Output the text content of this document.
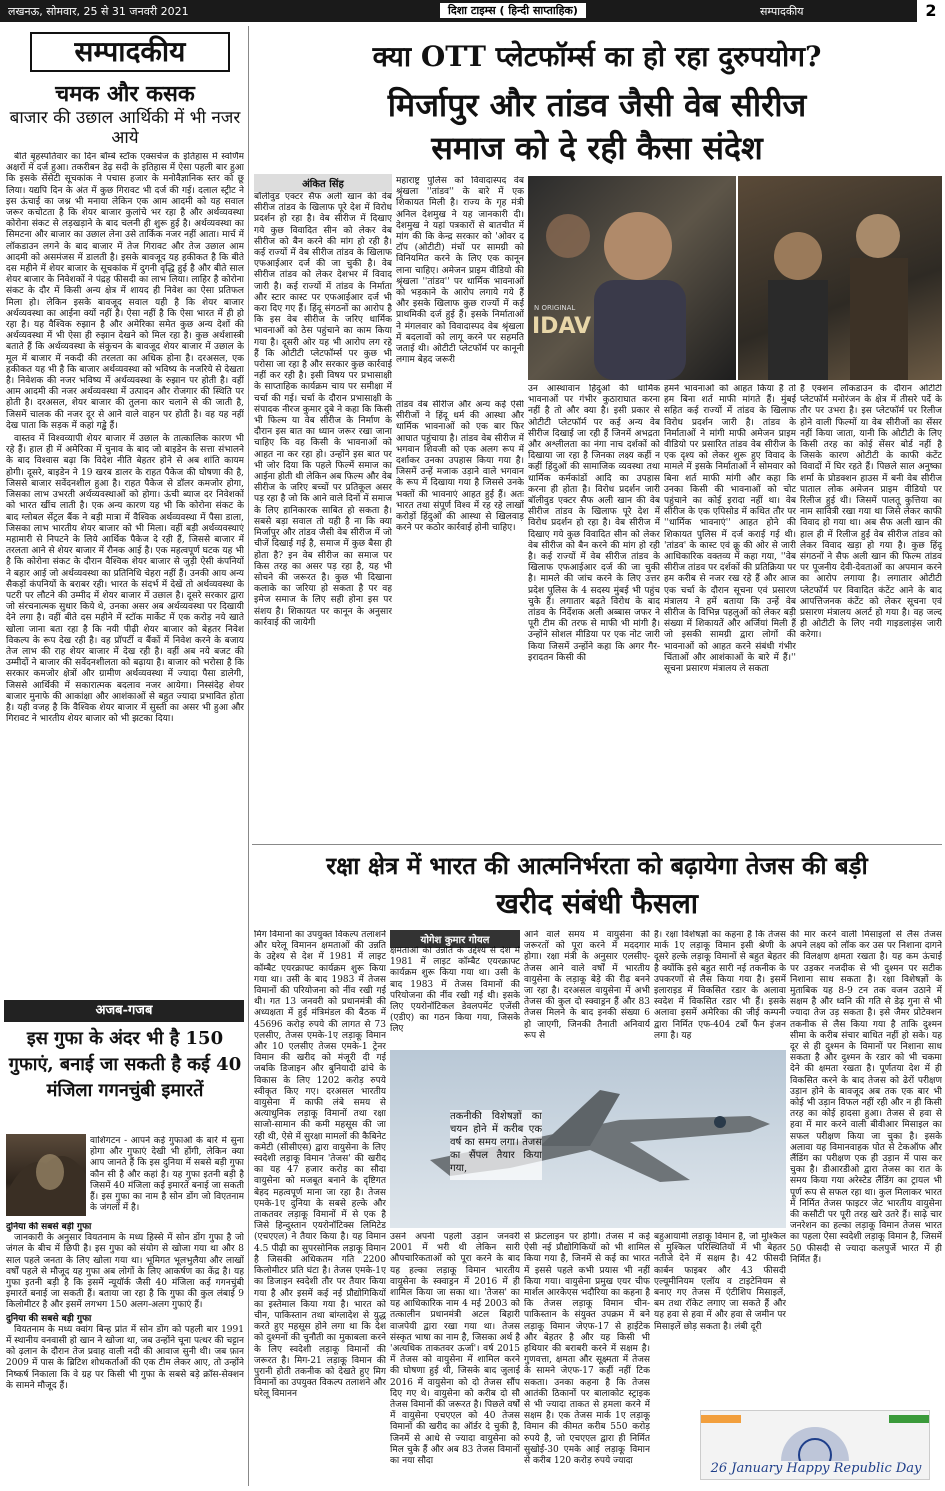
लखनऊ, सोमवार, 25 से 31 जनवरी 2021	दिशा टाइम्स ( हिन्दी साप्ताहिक)	सम्पादकीय	2
सम्पादकीय
चमक और कसक
बाजार की उछाल आर्थिकी में भी नजर आये

बीते बृहस्पतिवार का दिन बॉम्बे स्टॉक एक्सचेंज के इतिहास में स्वर्णिम अक्षरों में दर्ज हुआ। तकरीबन डेढ़ सदी के इतिहास में ऐसा पहली बार हुआ कि इसके सेंसेटी सूचकांक ने पचास हजार के मनोवैज्ञानिक स्तर को छू लिया। यद्यपि दिन के अंत में कुछ गिरावट भी दर्ज की गई। दलाल स्ट्रीट ने इस ऊंचाई का जश्न भी मनाया लेकिन एक आम आदमी को यह सवाल जरूर कचोटता है कि शेयर बाजार कुलांचे भर रहा है और अर्थव्यवस्था कोरोना संकट से लड़खड़ाने के बाद चलनी ही शुरू हुई है। अर्थव्यवस्था का सिमटना और बाजार का उछाल लेना उसे तार्किक नजर नहीं आता। मार्च में लॉकडाउन लगने के बाद बाजार में तेज गिरावट और तेज उछाल आम आदमी को असमंजस में डालती है। इसके बावजूद यह हकीकत है कि बीते दस महीने में शेयर बाजार के सूचकांक में दुगनी वृद्धि हुई है और बीते साल शेयर बाजार के निवेशकों ने पंद्रह फीसदी का लाभ लिया। लाहिर है कोरोना संकट के दौर में किसी अन्य क्षेत्र में शायद ही निवेश का ऐसा प्रतिफल मिला हो। लेकिन इसके बावजूद सवाल यही है कि शेयर बाजार अर्थव्यवस्था का आईना क्यों नहीं है। ऐसा नहीं है कि ऐसा भारत में ही हो रहा है। यह वैश्विक रुझान है और अमेरिका समेत कुछ अन्य देशों की अर्थव्यवस्था में भी ऐसा ही रुझान देखने को मिल रहा है। कुछ अर्थशास्त्री बताते हैं कि अर्थव्यवस्था के संकुचन के बावजूद शेयर बाजार में उछाल के मूल में बाजार में नकदी की तरलता का अधिक होना है। दरअसल, एक हकीकत यह भी है कि बाजार अर्थव्यवस्था को भविष्य के नजरिये से देखता है। निवेशक की नजर भविष्य में अर्थव्यवस्था के रुझान पर होती है। वहीं आम आदमी की नजर अर्थव्यवस्था में उत्पादन और रोजगार की स्थिति पर होती है। दरअसल, शेयर बाजार की तुलना कार चलाने से की जाती है, जिसमें चालक की नजर दूर से आने वाले वाहन पर होती है। वह यह नहीं देख पाता कि सड़क में कहां गड्ढे हैं।

वास्तव में विश्वव्यापी शेयर बाजार में उछाल के तात्कालिक कारण भी रहे हैं। हाल ही में अमेरिका में चुनाव के बाद जो बाइडेन के सत्ता संभालने के बाद विश्वास बढ़ा कि विदेश नीति बेहतर होने से अब शांति कायम होगी। दूसरे, बाइडेन ने 19 खरब डालर के राहत पैकेज की घोषणा की है, जिससे बाजार सवेंदनशील हुआ है। राहत पैकेज से डॉलर कमजोर होगा, जिसका लाभ उभरती अर्थव्यवस्थाओं को होगा। ऊंची ब्याज दर निवेशकों को भारत खींच लाती है। एक अन्य कारण यह भी कि कोरोना संकट के बाद ग्लोबल सेंट्रल बैंक ने बड़ी मात्रा में वैश्विक अर्थव्यवस्था में पैसा डाला, जिसका लाभ भारतीय शेयर बाजार को भी मिला। वहीं बड़ी अर्थव्यवस्थाएं महामारी से निपटने के लिये आर्थिक पैकेज दे रही हैं, जिससे बाजार में तरलता आने से शेयर बाजार में रौनक आई है। एक महत्वपूर्ण घटक यह भी है कि कोरोना संकट के दौरान वैश्विक शेयर बाजार से जुड़ी ऐसी कंपनियों ने बहार आई जो अर्थव्यवस्था का प्रतिनिधि चेहरा नहीं हैं। उनकी आय अन्य सैकड़ों कंपनियों के बराबर रही। भारत के संदर्भ में देखें तो अर्थव्यवस्था के पटरी पर लौटने की उम्मीद में शेयर बाजार में उछाल है। दूसरे सरकार द्वारा जो संरचनात्मक सुधार किये थे, उनका असर अब अर्थव्यवस्था पर दिखायी देने लगा है। वहीं बीते दस महीने में स्टॉक मार्केट में एक करोड़ नये खाते खोला जाना बता रहा है कि नयी पीढ़ी शेयर बाजार को बेहतर निवेश विकल्प के रूप देख रही है। वह प्रॉपर्टी व बैंकों में निवेश करने के बजाय तेज लाभ की राह शेयर बाजार में देख रही है। वहीं अब नये बजट की उम्मीदों ने बाजार की सवेंदनशीलता को बढ़ाया है। बाजार को भरोसा है कि सरकार कमजोर क्षेत्रों और ग्रामीण अर्थव्यवस्था में ज्यादा पैसा डालेगी, जिससे आर्थिकी में सकारात्मक बदलाव नजर आयेगा। निस्संदेह शेयर बाजार मुनाफे की आकांक्षा और आशंकाओं से बहुत ज्यादा प्रभावित होता है। यही वजह है कि वैश्विक शेयर बाजार में सुस्ती का असर भी हुआ और गिरावट ने भारतीय शेयर बाजार को भी झटका दिया।

अजब-गजब
इस गुफा के अंदर भी है 150 गुफाएं, बनाई जा सकती है कई 40 मंजिला गगनचुंबी इमारतें
वाशिंगटन - आपने कई गुफाओं के बारे में सुना होगा और गुफाएं देखी भी होंगी, लेकिन क्या आप जानते हैं कि इस दुनिया में सबसे बड़ी गुफा कौन सी है और कहां है। यह गुफा इतनी बड़ी है जिसमें 40 मंजिला कई इमारतें बनाई जा सकती हैं। इस गुफा का नाम है सोन डोंग जो विएतनाम के जंगलों में है।
दुनिया की सबसे बड़ी गुफा

जानकारी के अनुसार वियतनाम के मध्य हिस्से में सोन डोंग गुफा है जो जंगल के बीच में छिपी है। इस गुफा को संयोग से खोजा गया था और 8 साल पहले जनता के लिए खोला गया था। भूमिगत भूलभुलैया और लाखों वर्षों पहले से मौजूद यह गुफा अब लोगों के लिए आकर्षण का केंद्र है। यह गुफा इतनी बड़ी है कि इसमें न्यूयॉर्क जैसी 40 मंजिला कई गगनचुंबी इमारतें बनाई जा सकती हैं। बताया जा रहा है कि गुफा की कुल लंबाई 9 किलोमीटर है और इसमें लगभग 150 अलग-अलग गुफाएं हैं।

दुनिया की सबसे बड़ी गुफा

वियतनाम के मध्य क्वांग बिन्ह प्रांत में सोन डोंग को पहली बार 1991 में स्थानीय वनवासी हो खान ने खोजा था, जब उन्होंने चूना पत्थर की चट्टान को ढ़लान के दौरान तेज प्रवाह वाली नदी की आवाज सुनी थी। जब फ़ान 2009 में पास के ब्रिटिश शोधकर्ताओं की एक टीम लेकर आए, तो उन्होंने निष्कर्ष निकाला कि वे ग्रह पर किसी भी गुफा के सबसे बड़े क्रॉस-सेक्शन के सामने मौजूद हैं।

क्या OTT प्लेटफॉर्म्स का हो रहा दुरुपयोग?
मिर्जापुर और तांडव जैसी वेब सीरीज
समाज को दे रही कैसा संदेश
अंकित सिंह
बॉलीवुड एक्टर सैफ अली खान की वेब सीरीज तांडव के खिलाफ पूरे देश में विरोध प्रदर्शन हो रहा है। वेब सीरीज में दिखाए गये कुछ विवादित सीन को लेकर वेब सीरीज को बैन करने की मांग हो रही है। कई राज्यों में वेब सीरीज तांडव के खिलाफ एफआईआर दर्ज की जा चुकी है। वेब सीरीज तांडव को लेकर देशभर में विवाद जारी है। कई राज्यों में तांडव के निर्माता और स्टार कास्ट पर एफआईआर दर्ज भी करा दिए गए हैं। हिंदू संगठनों का आरोप है कि इस वेब सीरीज के जरिए धार्मिक भावनाओं को ठेस पहुंचाने का काम किया गया है। दूसरी ओर यह भी आरोप लग रहे हैं कि ओटीटी प्लेटफॉर्म्स पर कुछ भी परोसा जा रहा है और सरकार कुछ कार्रवाई नहीं कर रही है। इसी विषय पर प्रभासाक्षी के साप्ताहिक कार्यक्रम चाय पर समीक्षा में चर्चा की गई। चर्चा के दौरान प्रभासाक्षी के संपादक नीरज कुमार दुबे ने कहा कि किसी भी फिल्म या वेब सीरीज के निर्माण के दौरान इस बात का ध्यान जरूर रखा जाना चाहिए कि वह किसी के भावनाओं को आहत ना कर रहा हो। उन्होंने इस बात पर भी जोर दिया कि पहले फिल्में समाज का आईना होती थी लेकिन अब फिल्म और वेब सीरीज के जरिए बच्चों पर प्रतिकूल असर पड़ रहा है जो कि आने वाले दिनों में समाज के लिए हानिकारक साबित हो सकता है। सबसे बड़ा सवाल तो यही है ना कि क्या मिर्जापुर और तांडव जैसी वेब सीरीज में जो चीजें दिखाई गई है, समाज में कुछ बैसा ही होता है? इन वेब सीरीज का समाज पर किस तरह का असर पड़ रहा है, यह भी सोचने की जरूरत है। कुछ भी दिखाना कलाके का जरिया हो सकता है पर वह इमेज समाज के लिए सही होना इस पर संशय है। शिकायत पर कानून के अनुसार कार्रवाई की जायेगी
महाराष्ट्र पुलिस को विवादास्पद वेब श्रृंखला ''तांडव'' के बारे में एक शिकायत मिली है। राज्य के गृह मंत्री अनिल देशमुख ने यह जानकारी दी। देशमुख ने यहां पत्रकारों से बातचीत में मांग की कि केन्द्र सरकार को 'ओवर द टॉप (ओटीटी) मंचों पर सामग्री को विनियमित करने के लिए एक कानून लाना चाहिए। अमेजन प्राइम वीडियो की श्रृंखला ''तांडव'' पर धार्मिक भावनाओं को भड़काने के आरोप लगाये गये हैं और इसके खिलाफ कुछ राज्यों में कई प्राथमिकी दर्ज हुई हैं। इसके निर्माताओं ने मंगलवार को विवादास्पद वेब श्रृंखला में बदलावों को लागू करने पर सहमति जताई थी। ओटीटी प्लेटफॉर्म पर कानूनी लगाम बेहद जरूरी
तांडव वेब सीरीज और अन्य कई ऐसी सीरीजों ने हिंदू धर्म की आस्था और धार्मिक भावनाओं को एक बार फिर आघात पहुंचाया है। तांडव वेब सीरीज में भगवान शिवजी को एक अलग रूप में दर्शाकर उनका उपहास किया गया है। जिसमें उन्हें मजाक उड़ाने वाले भगवान के रूप में दिखाया गया है जिससे उनके भक्तों की भावनाएं आहत हुई हैं। अतः भारत तथा संपूर्ण विश्व में रह रहे लाखों करोड़ों हिंदुओं की आस्था से खिलवाड़ करने पर कठोर कार्रवाई होनी चाहिए।
N ORIGINAL
IDAV
उन आस्थावान हिंदुओं की धार्मिक भावनाओं पर गंभीर कुठाराघात करना नहीं है तो और क्या है। इसी प्रकार से ओटीटी प्लेटफॉर्म पर कई अन्य वेब सीरीज दिखाई जा रही हैं जिनमें अभद्रता और अश्लीलता का नंगा नाच दर्शकों को दिखाया जा रहा है जिनका लक्ष्य कहीं न कहीं हिंदुओं की सामाजिक व्यवस्था तथा धार्मिक कर्मकांडों आदि का उपहास करना ही होता है। विरोध प्रदर्शन जारी बॉलीवुड एक्टर सैफ अली खान की वेब सीरीज तांडव के खिलाफ पूरे देश में विरोध प्रदर्शन हो रहा है। वेब सीरीज में दिखाए गये कुछ विवादित सीन को लेकर वेब सीरीज को बैन करने की मांग हो रही है। कई राज्यों में वेब सीरीज तांडव के खिलाफ एफआईआर दर्ज की जा चुकी है। मामले की जांच करने के लिए उत्तर प्रदेश पुलिस के 4 सदस्य मुंबई भी पहुंच चुके हैं। लगातार बढ़ते विरोध के बाद तांडव के निर्देशक अली अब्बास जफर ने पूरी टीम की तरफ से माफी भी मांगी है। उन्होंने सोशल मीडिया पर एक नोट जारी किया जिसमें उन्होंने कहा कि अगर गैर-इरादतन किसी की
हमने भावनाओं को आहत किया है तो हम बिना शर्त माफी मांगते हैं। मुंबई सहित कई राज्यों में तांडव के खिलाफ विरोध प्रदर्शन जारी है। तांडव के निर्माताओं ने मांगी माफी अमेजन प्राइम वीडियो पर प्रसारित तांडव वेब सीरीज के एक दृश्य को लेकर शुरू हुए विवाद के मामले में इसके निर्माताओं ने सोमवार को बिना शर्त माफी मांगी और कहा कि उनका किसी की भावनाओं को चोट पहुंचाने का कोई इरादा नहीं था। वेब सीरीज के एक एपिसोड में कथित तौर पर ''धार्मिक भावनाएं'' आहत होने की शिकायत पुलिस में दर्ज कराई गई थी। 'तांडव' के कास्ट एवं क्रू की ओर से जारी आधिकारिक वक्तव्य में कहा गया, ''वेब सीरीज तांडव पर दर्शकों की प्रतिक्रिया पर हम करीब से नजर रख रहे हैं और आज एक चर्चा के दौरान सूचना एवं प्रसारण मंत्रालय ने हमें बताया कि उन्हें वेब सीरीज के विभिन्न पहलुओं को लेकर बड़ी संख्या में शिकायतें और अर्जियां मिली हैं जो इसकी सामग्री द्वारा लोगों की भावनाओं को आहत करने संबंधी गंभीर चिंताओं और आशंकाओं के बारे में हैं।'' सूचना प्रसारण मंत्रालय ले सकता
है एक्शन लॉकडाउन के दौरान ओटीटी प्लेटफॉर्म मनोरंजन के क्षेत्र में तीसरे पर्दे के तौर पर उभरा है। इस प्लेटफॉर्म पर रिलीज होने वाली फिल्मों या वेब सीरीजों का सेंसर नहीं किया जाता, यानी कि ओटीटी के लिए किसी तरह का कोई सेंसर बोर्ड नहीं है जिसके कारण ओटीटी के काफी कंटेंट विवादों में घिर रहते हैं। पिछले साल अनुष्का शर्मा के प्रोडक्शन हाउस में बनी वेब सीरीज पाताल लोक अमेजन प्राइम वीडियो पर रिलीज हुई थी। जिसमें पालतू कुत्तिया का नाम सावित्री रखा गया था जिसे लेकर काफी विवाद हो गया था। अब सैफ अली खान की हाल ही में रिलीज हुई वेब सीरीज तांडव को लेकर विवाद खड़ा हो गया है। कुछ हिंदू संगठनों ने सैफ अली खान की फिल्म तांडव पर पूजनीय देवी-देवताओं का अपमान करने का आरोप लगाया है। लगातार ओटीटी प्लेटफॉर्म पर विवादित कंटेंट आने के बाद आपत्तिजनक कंटेंट को लेकर सूचना एवं प्रसारण मंत्रालय अलर्ट हो गया है। वह जल्द ही ओटीटी के लिए नयी गाइडलाइंस जारी करेगा।
रक्षा क्षेत्र में भारत की आत्मनिर्भरता को बढ़ायेगा तेजस की बड़ी
खरीद संबंधी फैसला
मिग विमानों का उपयुक्त विकल्प तलाशने और घरेलू विमानन क्षमताओं की उन्नति के उद्देश्य से देश में 1981 में लाइट कॉम्बैट एयरक्राफ्ट कार्यक्रम शुरू किया गया था। उसी के बाद 1983 में तेजस विमानों की परियोजना को नींव रखी गई थी। गत 13 जनवरी को प्रधानमंत्री की अध्यक्षता में हुई मंत्रिमंडल की बैठक में 45696 करोड़ रुपये की लागत से 73 एलसीए, तेजस एमके-1ए लड़ाकू विमान और 10 एलसीए तेजस एमके-1 ट्रेनर विमान की खरीद को मंजूरी दी गई जबकि डिजाइन और बुनियादी ढांचे के विकास के लिए 1202 करोड़ रुपये स्वीकृत किए गए। दरअसल भारतीय वायुसेना में काफी लंबे समय से अत्याधुनिक लड़ाकू विमानों तथा रक्षा साजो-सामान की कमी महसूस की जा रही थी, ऐसे में सुरक्षा मामलों की कैबिनेट कमेटी (सीसीएस) द्वारा वायुसेना के लिए स्वदेशी लड़ाकू विमान 'तेजस' की खरीद का यह 47 हजार करोड़ का सौदा वायुसेना को मजबूत बनाने के दृष्टिगत बेहद महत्वपूर्ण माना जा रहा है। तेजस एमके-1ए दुनिया के सबसे हल्के और ताकतवर लड़ाकू विमानों में से एक है जिसे हिन्दुस्तान एयरोनॉटिक्स लिमिटेड (एचएएल) ने तैयार किया है। यह विमान 4.5 पीढ़ी का सुपरसोनिक लड़ाकू विमान है जिसकी अधिकतम गति 2200 किलोमीटर प्रति घंटा है। तेजस एमके-1ए का डिजाइन स्वदेशी तौर पर तैयार किया गया है और इसमें कई नई प्रौद्योगिकियों का इस्तेमाल किया गया है। भारत को चीन, पाकिस्तान तथा बांग्लादेश से युद्ध करते हुए महसूस होने लगा था कि देश को दुश्मनों की चुनौती का मुकाबला करने के लिए स्वदेशी लड़ाकू विमानों की जरूरत है। मिग-21 लड़ाकू विमान की पुरानी होती तकनीक को देखते हुए मिग विमानों का उपयुक्त विकल्प तलाशने और घरेलू विमानन
योगेश कुमार गोयल
क्षमताओं की उन्नति के उद्देश्य से देश में 1981 में लाइट कॉम्बैट एयरक्राफ्ट कार्यक्रम शुरू किया गया था। उसी के बाद 1983 में तेजस विमानों की परियोजना की नींव रखी गई थी। इसके लिए एयरोनॉटिकल डेवलपमेंट एजेंसी (एडीए) का गठन किया गया, जिसके लिए
आने वाले समय में वायुसेना की जरूरतों को पूरा करने में मददगार होगा। रक्षा मंत्री के अनुसार एलसीए-तेजस आने वाले वर्षों में भारतीय वायुसेना के लड़ाकू बेड़े की रीढ़ बनने जा रहा है। दरअसल वायुसेना में अभी तेजस की कुल दो स्क्वाड्रन हैं और 83 तेजस मिलने के बाद इनकी संख्या 6 हो जाएगी, जिनकी तैनाती अनिवार्य रूप से
है। रक्षा विशेषज्ञों का कहना है कि तेजस मार्क 1ए लड़ाकू विमान इसी श्रेणी के दूसरे हल्के लड़ाकू विमानों से बहुत बेहतर है क्योंकि इसे बहुत सारी नई तकनीक के उपकरणों से लैस किया गया है। इसमें इलाराइड में विकसित रडार के अलावा स्वदेश में विकसित रडार भी हैं। इसके अलावा इसमें अमेरिका की जीई कम्पनी द्वारा निर्मित एफ-404 टर्बो फैन इंजन लगा है। यह
की मार करने वाली मिसाइलों से लैस तेजस अपने लक्ष्य को लॉक कर उस पर निशाना दागने की विलक्षण क्षमता रखता है। यह कम ऊंचाई पर उड़कर नजदीक से भी दुश्मन पर सटीक निशाना साध सकता है। रक्षा विशेषज्ञों के मुताबिक यह 8-9 टन तक वजन उठाने में सक्षम है और ध्वनि की गति से डेढ़ गुना से भी ज्यादा तेज उड़ सकता है। इसे जैमर प्रोटेक्शन तकनीक से लैस किया गया है ताकि दुश्मन सीमा के करीब संचार बाधित नहीं हो सके। यह दूर से ही दुश्मन के विमानों पर निशाना साध सकता है और दुश्मन के रडार को भी चकमा देने की क्षमता रखता है। पूर्णतया देश में ही विकसित करने के बाद तेजस को ढेरों परीक्षण उड़ान होने के बावजूद अब तक एक बार भी कोई भी उड़ान विफल नहीं रही और न ही किसी तरह का कोई हादसा हुआ। तेजस से हवा से हवा में मार करने वाली बीवीआर मिसाइल का सफल परीक्षण किया जा चुका है। इसके अलावा यह विमानवाहक पोत से टेकऑफ और लैंडिंग का परीक्षण एक ही उड़ान में पास कर चुका है। डीआरडीओ द्वारा तेजस का रात के समय किया गया अरेस्टेड लैंडिंग का ट्रायल भी पूर्ण रूप से सफल रहा था। कुल मिलाकर भारत में निर्मित तेजस फाइटर जेट भारतीय वायुसेना की कसौटी पर पूरी तरह खरे उतरे हैं। साढ़े चार जनरेशन का हल्का लड़ाकू विमान तेजस भारत का पहला ऐसा स्वदेशी लड़ाकू विमान है, जिसमें 50 फीसदी से ज्यादा कलपुर्जे भारत में ही निर्मित हैं।
तकनीकी विशेषज्ञों का चयन होने में करीब एक वर्ष का समय लगा। तेजस का सैंपल तैयार किया गया,
उसने अपनी पहली उड़ान जनवरी 2001 में भरी थी लेकिन सारी औपचारिकताओं को पूरा करने के बाद यह हल्का लड़ाकू विमान भारतीय वायुसेना के स्क्वाड्रन में 2016 में ही शामिल किया जा सका था। 'तेजस' का यह आधिकारिक नाम 4 मई 2003 को तत्कालीन प्रधानमंत्री अटल बिहारी वाजपेयी द्वारा रखा गया था। तेजस संस्कृत भाषा का नाम है, जिसका अर्थ है 'अत्यधिक ताकतवर ऊर्जा'। वर्ष 2015 में तेजस को वायुसेना में शामिल करने की घोषणा हुई थी, जिसके बाद जुलाई 2016 में वायुसेना को दो तेजस सौंप दिए गए थे। वायुसेना को करीब दो सौ तेजस विमानों की जरूरत है। पिछले वर्षों में वायुसेना एचएएल को 40 तेजस विमानों की खरीद का ऑर्डर दे चुकी है, जिनमें से आधे से ज्यादा वायुसेना को मिल चुके हैं और अब 83 तेजस विमानों का नया सौदा
से फ्रंटलाइन पर होगी। तेजस में कई ऐसी नई प्रौद्योगिकियों को भी शामिल किया गया है, जिनमें से कई का भारत में इससे पहले कभी प्रयास भी नहीं किया गया। वायुसेना प्रमुख एयर चीफ मार्शल आरकेएस भदौरिया का कहना है कि तेजस लड़ाकू विमान चीन-पाकिस्तान के संयुक्त उपक्रम में बने लड़ाकू विमान जेएफ-17 से हाईटेक और बेहतर है और यह किसी भी हथियार की बराबरी करने में सक्षम है। गुणवत्ता, क्षमता और सूक्ष्मता में तेजस के सामने जेएफ-17 कहीं नहीं टिक सकता। उनका कहना है कि तेजस आतंकी ठिकानों पर बालाकोट स्ट्राइक से भी ज्यादा ताकत से हमला करने में सक्षम है। एक तेजस मार्क 1ए लड़ाकू विमान की कीमत करीब 550 करोड़ रुपये है, जो एचएएल द्वारा ही निर्मित सुखोई-30 एमके आई लड़ाकू विमान से करीब 120 करोड़ रुपये ज्यादा
बहुआयामी लड़ाकू विमान है, जो मुश्किल से मुश्किल परिस्थितियों में भी बेहतर नतीजे देने में सक्षम है। 42 फीसदी कार्बन फाइबर और 43 फीसदी एल्यूमीनियम एलॉय व टाइटेनियम से बनाए गए तेजस में एंटीशिप मिसाइलें, बम तथा रॉकेट लगाए जा सकते हैं और यह हवा से हवा में और हवा से जमीन पर मिसाइलें छोड़ सकता है। लंबी दूरी
26 January Happy Republic Day
